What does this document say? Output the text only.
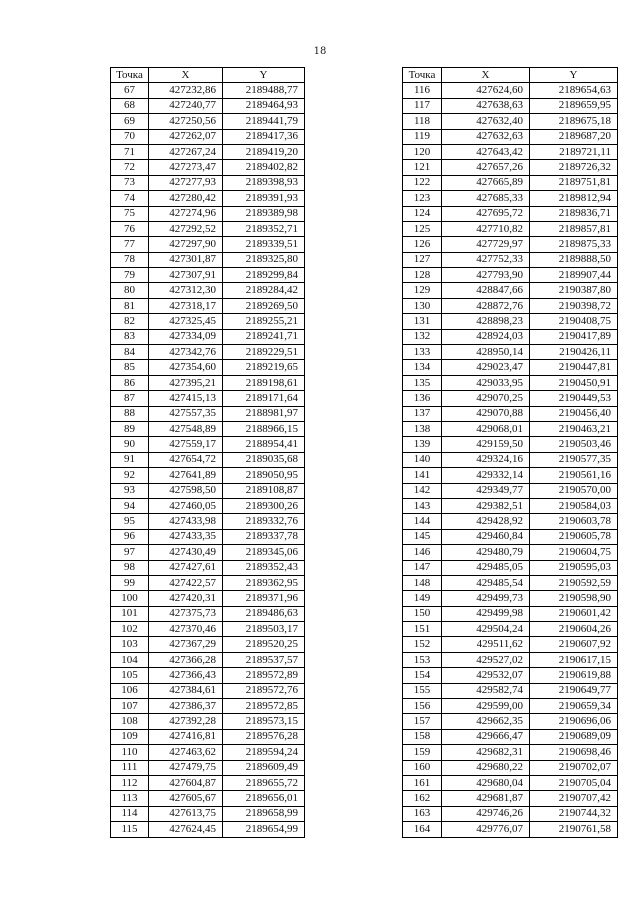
18
Точка	X	Y
67	427232,86	2189488,77
68	427240,77	2189464,93
69	427250,56	2189441,79
70	427262,07	2189417,36
71	427267,24	2189419,20
72	427273,47	2189402,82
73	427277,93	2189398,93
74	427280,42	2189391,93
75	427274,96	2189389,98
76	427292,52	2189352,71
77	427297,90	2189339,51
78	427301,87	2189325,80
79	427307,91	2189299,84
80	427312,30	2189284,42
81	427318,17	2189269,50
82	427325,45	2189255,21
83	427334,09	2189241,71
84	427342,76	2189229,51
85	427354,60	2189219,65
86	427395,21	2189198,61
87	427415,13	2189171,64
88	427557,35	2188981,97
89	427548,89	2188966,15
90	427559,17	2188954,41
91	427654,72	2189035,68
92	427641,89	2189050,95
93	427598,50	2189108,87
94	427460,05	2189300,26
95	427433,98	2189332,76
96	427433,35	2189337,78
97	427430,49	2189345,06
98	427427,61	2189352,43
99	427422,57	2189362,95
100	427420,31	2189371,96
101	427375,73	2189486,63
102	427370,46	2189503,17
103	427367,29	2189520,25
104	427366,28	2189537,57
105	427366,43	2189572,89
106	427384,61	2189572,76
107	427386,37	2189572,85
108	427392,28	2189573,15
109	427416,81	2189576,28
110	427463,62	2189594,24
111	427479,75	2189609,49
112	427604,87	2189655,72
113	427605,67	2189656,01
114	427613,75	2189658,99
115	427624,45	2189654,99
Точка	X	Y
116	427624,60	2189654,63
117	427638,63	2189659,95
118	427632,40	2189675,18
119	427632,63	2189687,20
120	427643,42	2189721,11
121	427657,26	2189726,32
122	427665,89	2189751,81
123	427685,33	2189812,94
124	427695,72	2189836,71
125	427710,82	2189857,81
126	427729,97	2189875,33
127	427752,33	2189888,50
128	427793,90	2189907,44
129	428847,66	2190387,80
130	428872,76	2190398,72
131	428898,23	2190408,75
132	428924,03	2190417,89
133	428950,14	2190426,11
134	429023,47	2190447,81
135	429033,95	2190450,91
136	429070,25	2190449,53
137	429070,88	2190456,40
138	429068,01	2190463,21
139	429159,50	2190503,46
140	429324,16	2190577,35
141	429332,14	2190561,16
142	429349,77	2190570,00
143	429382,51	2190584,03
144	429428,92	2190603,78
145	429460,84	2190605,78
146	429480,79	2190604,75
147	429485,05	2190595,03
148	429485,54	2190592,59
149	429499,73	2190598,90
150	429499,98	2190601,42
151	429504,24	2190604,26
152	429511,62	2190607,92
153	429527,02	2190617,15
154	429532,07	2190619,88
155	429582,74	2190649,77
156	429599,00	2190659,34
157	429662,35	2190696,06
158	429666,47	2190689,09
159	429682,31	2190698,46
160	429680,22	2190702,07
161	429680,04	2190705,04
162	429681,87	2190707,42
163	429746,26	2190744,32
164	429776,07	2190761,58
